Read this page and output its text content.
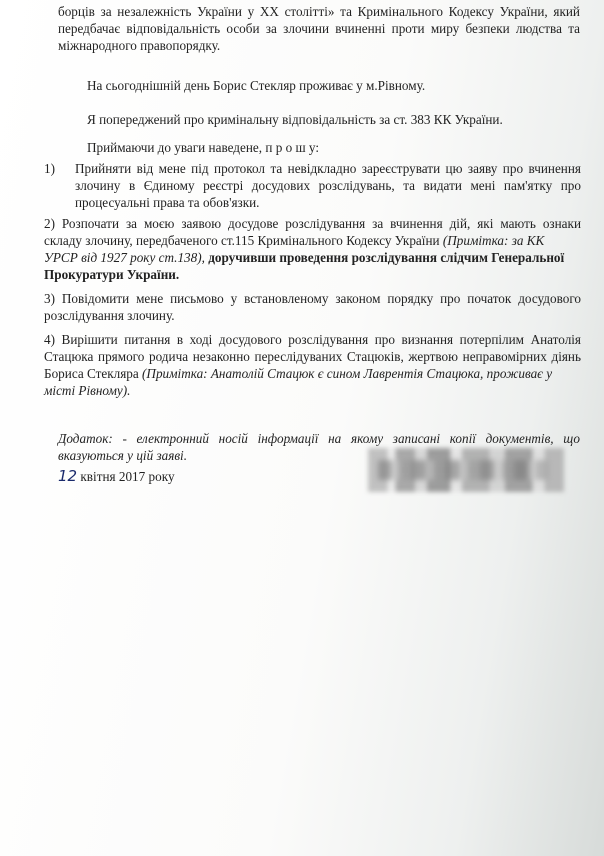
борців за незалежність України у XX столітті» та Кримінального Кодексу України, який
передбачає відповідальність особи за злочини вчиненні проти миру безпеки людства та
міжнародного правопорядку.
На сьогоднішній день Борис Стекляр проживає у м.Рівному.
Я попереджений про кримінальну відповідальність за ст. 383 КК України.
Приймаючи до уваги наведене, п р о ш у:
1) Прийняти від мене під протокол та невідкладно зареєструвати цю заяву про вчинення
злочину в Єдиному реєстрі досудових розслідувань, та видати мені пам'ятку про
процесуальні права та обов'язки.
2) Розпочати за моєю заявою досудове розслідування за вчинення дій, які мають ознаки
складу злочину, передбаченого ст.115 Кримінального Кодексу України (Примітка: за КК
УРСР від 1927 року ст.138), доручивши проведення розслідування слідчим Генеральної
Прокуратури України.
3) Повідомити мене письмово у встановленому законом порядку про початок досудового
розслідування злочину.
4) Вирішити питання в ході досудового розслідування про визнання потерпілим Анатолія
Стацюка прямого родича незаконно переслідуваних Стацюків, жертвою неправомірних діянь
Бориса Стекляра (Примітка: Анатолій Стацюк є сином Лаврентія Стацюка, проживає у
місті Рівному).
Додаток: - електронний носій інформації на якому записані копії документів, що
вказуються у цій заяві.
12 квітня 2017 року
